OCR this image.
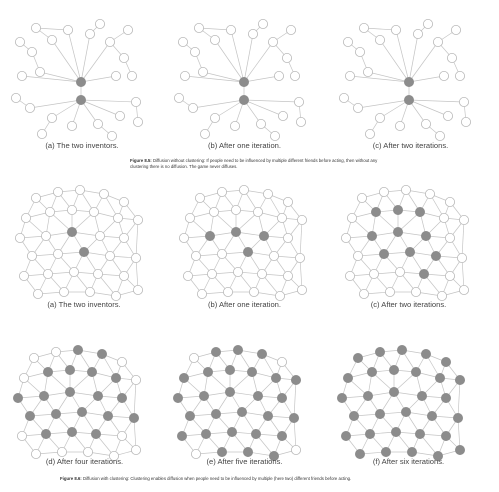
(a) The two inventors.	(b) After one iteration.	(c) After two iterations.
Figure 8.5: Diffusion without clustering: If people need to be influenced by multiple different friends before acting, then without any clustering there is no diffusion. The game never diffuses.
(a) The two inventors.	(b) After one iteration.	(c) After two iterations.
(d) After four iterations.	(e) After five iterations.	(f) After six iterations.
Figure 8.6: Diffusion with clustering: Clustering enables diffusion when people need to be influenced by multiple (here two) different friends before acting.
